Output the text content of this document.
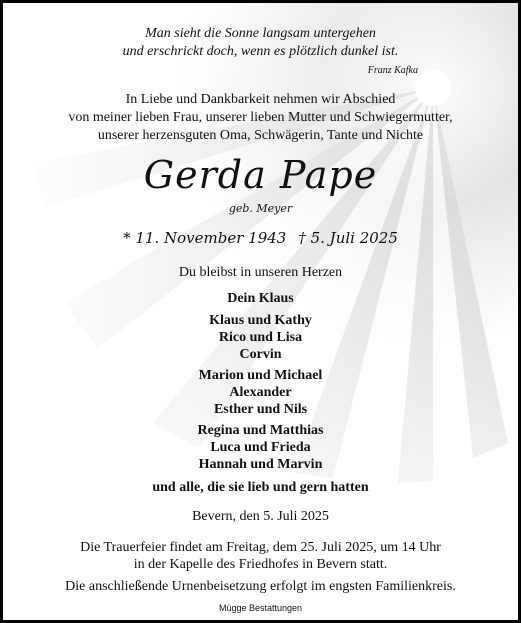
Man sieht die Sonne langsam untergehen
und erschrickt doch, wenn es plötzlich dunkel ist.
Franz Kafka
In Liebe und Dankbarkeit nehmen wir Abschied
von meiner lieben Frau, unserer lieben Mutter und Schwiegermutter,
unserer herzensguten Oma, Schwägerin, Tante und Nichte
Gerda Pape
geb. Meyer
* 11. November 1943 † 5. Juli 2025
Du bleibst in unseren Herzen
Dein Klaus
Klaus und Kathy
Rico und Lisa
Corvin
Marion und Michael
Alexander
Esther und Nils
Regina und Matthias
Luca und Frieda
Hannah und Marvin
und alle, die sie lieb und gern hatten
Bevern, den 5. Juli 2025
Die Trauerfeier findet am Freitag, dem 25. Juli 2025, um 14 Uhr
in der Kapelle des Friedhofes in Bevern statt.
Die anschließende Urnenbeisetzung erfolgt im engsten Familienkreis.
Mügge Bestattungen
